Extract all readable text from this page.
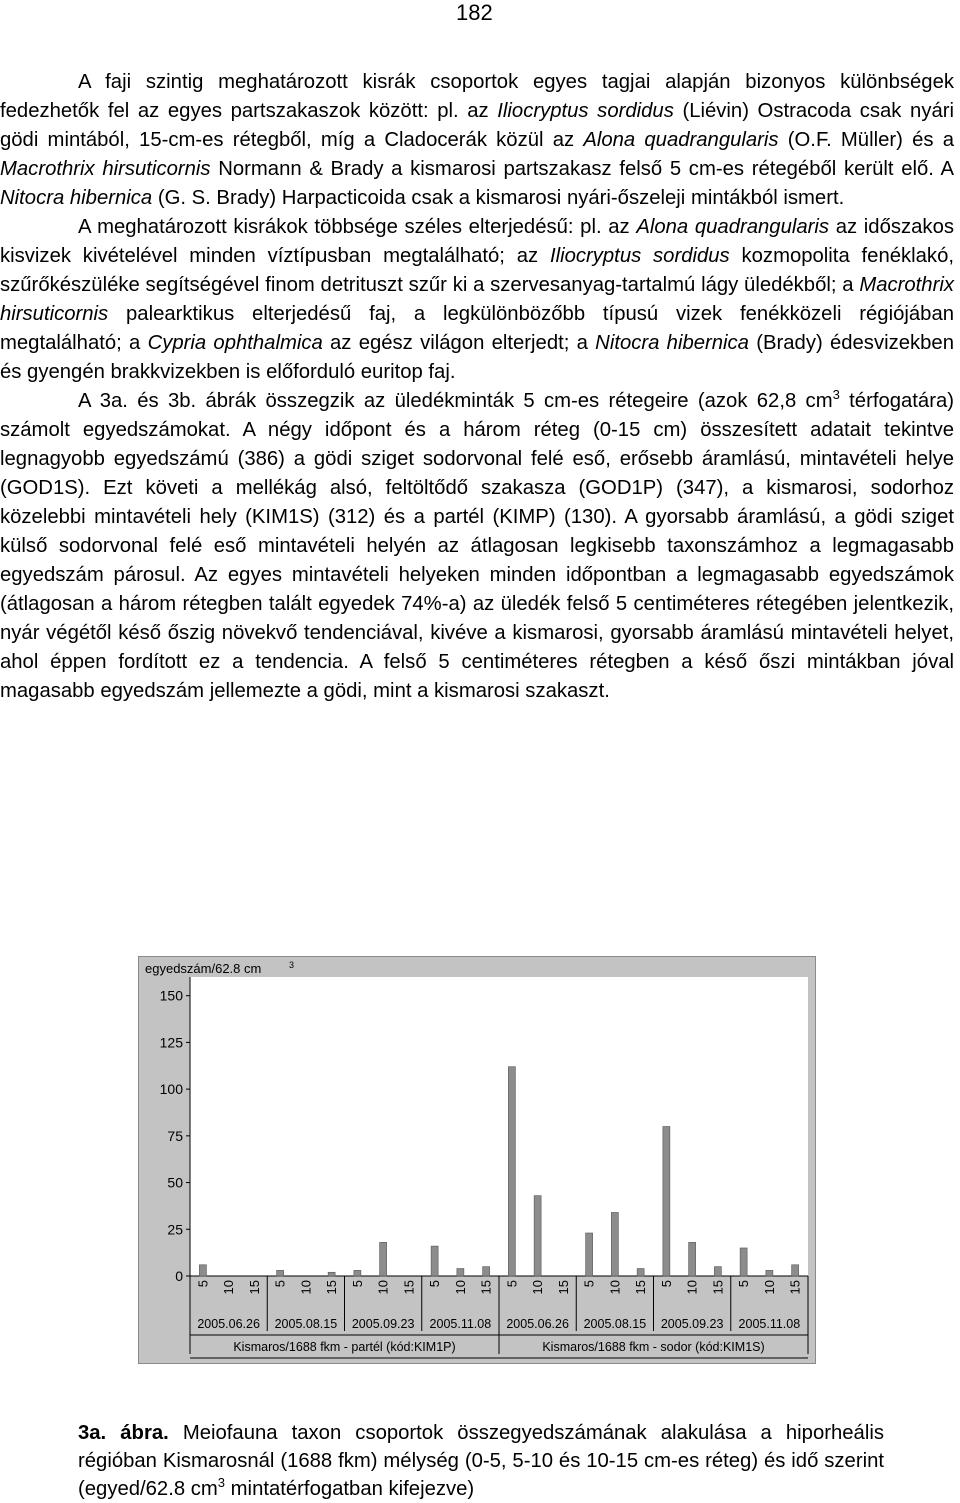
182

A faji szintig meghatározott kisrák csoportok egyes tagjai alapján bizonyos különbségek fedezhetők fel az egyes partszakaszok között: pl. az Iliocryptus sordidus (Liévin) Ostracoda csak nyári gödi mintából, 15-cm-es rétegből, míg a Cladocerák közül az Alona quadrangularis (O.F. Müller) és a Macrothrix hirsuticornis Normann & Brady a kismarosi partszakasz felső 5 cm-es rétegéből került elő. A Nitocra hibernica (G. S. Brady) Harpacticoida csak a kismarosi nyári-őszeleji mintákból ismert.

A meghatározott kisrákok többsége széles elterjedésű: pl. az Alona quadrangularis az időszakos kisvizek kivételével minden víztípusban megtalálható; az Iliocryptus sordidus kozmopolita fenéklakó, szűrőkészüléke segítségével finom detrituszt szűr ki a szervesanyag-tartalmú lágy üledékből; a Macrothrix hirsuticornis palearktikus elterjedésű faj, a legkülönbözőbb típusú vizek fenékközeli régiójában megtalálható; a Cypria ophthalmica az egész világon elterjedt; a Nitocra hibernica (Brady) édesvizekben és gyengén brakkvizekben is előforduló euritop faj.

A 3a. és 3b. ábrák összegzik az üledékminták 5 cm-es rétegeire (azok 62,8 $cm^3$ térfogatára) számolt egyedszámokat. A négy időpont és a három réteg (0-15 cm) összesített adatait tekintve legnagyobb egyedszámú (386) a gödi sziget sodorvonal felé eső, erősebb áramlású, mintavételi helye (GOD1S). Ezt követi a mellékág alsó, feltöltődő szakasza (GOD1P) (347), a kismarosi, sodorhoz közelebbi mintavételi hely (KIM1S) (312) és a partél (KIMP) (130). A gyorsabb áramlású, a gödi sziget külső sodorvonal felé eső mintavételi helyén az átlagosan legkisebb taxonszámhoz a legmagasabb egyedszám párosul. Az egyes mintavételi helyeken minden időpontban a legmagasabb egyedszámok (átlagosan a három rétegben talált egyedek 74%-a) az üledék felső 5 centiméteres rétegében jelentkezik, nyár végétől késő őszig növekvő tendenciával, kivéve a kismarosi, gyorsabb áramlású mintavételi helyet, ahol éppen fordított ez a tendencia. A felső 5 centiméteres rétegben a késő őszi mintákban jóval magasabb egyedszám jellemezte a gödi, mint a kismarosi szakaszt.

egyedszám/62.8 cm	3
0
25
50
75
100
125
150
5 10 15 5 10 15 5 10 15 5 10 15 5 10 15 5 10 15 5 10 15 5 10 15
2005.06.26 2005.08.15 2005.09.23 2005.11.08 2005.06.26 2005.08.15 2005.09.23 2005.11.08
Kismaros/1688 fkm - partél (kód:KIM1P)	Kismaros/1688 fkm - sodor (kód:KIM1S)
3a. ábra. Meiofauna taxon csoportok összegyedszámának alakulása a hiporheális régióban Kismarosnál (1688 fkm) mélység (0-5, 5-10 és 10-15 cm-es réteg) és idő szerint (egyed/62.8 $cm^3$ mintatérfogatban kifejezve)
